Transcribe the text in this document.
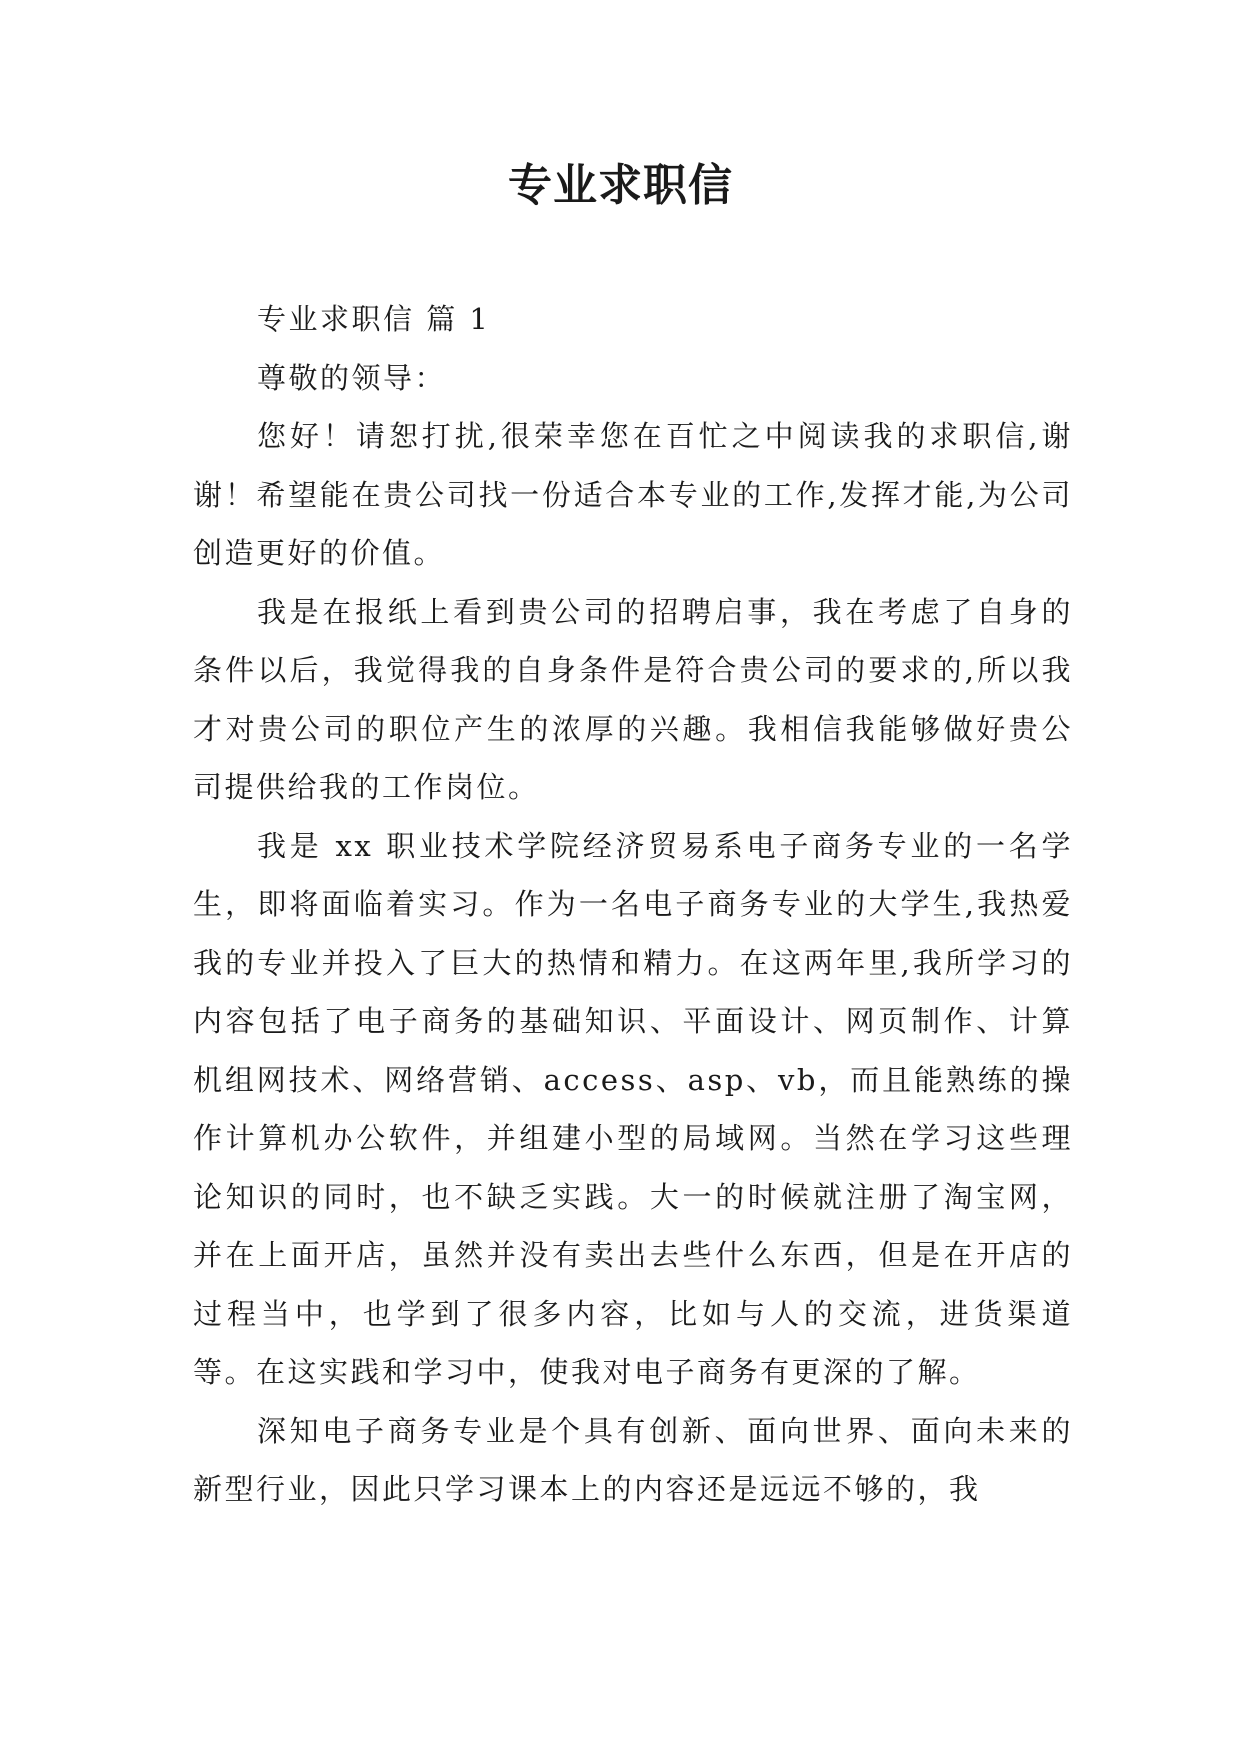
专业求职信

专业求职信 篇 1

尊敬的领导：

您好！请恕打扰,很荣幸您在百忙之中阅读我的求职信,谢谢！希望能在贵公司找一份适合本专业的工作,发挥才能,为公司创造更好的价值。

我是在报纸上看到贵公司的招聘启事，我在考虑了自身的条件以后，我觉得我的自身条件是符合贵公司的要求的,所以我才对贵公司的职位产生的浓厚的兴趣。我相信我能够做好贵公司提供给我的工作岗位。

我是 xx 职业技术学院经济贸易系电子商务专业的一名学生，即将面临着实习。作为一名电子商务专业的大学生,我热爱我的专业并投入了巨大的热情和精力。在这两年里,我所学习的内容包括了电子商务的基础知识、平面设计、网页制作、计算机组网技术、网络营销、access、asp、vb，而且能熟练的操作计算机办公软件，并组建小型的局域网。当然在学习这些理论知识的同时，也不缺乏实践。大一的时候就注册了淘宝网，并在上面开店，虽然并没有卖出去些什么东西，但是在开店的过程当中，也学到了很多内容，比如与人的交流，进货渠道等。在这实践和学习中，使我对电子商务有更深的了解。

深知电子商务专业是个具有创新、面向世界、面向未来的新型行业，因此只学习课本上的内容还是远远不够的，我
